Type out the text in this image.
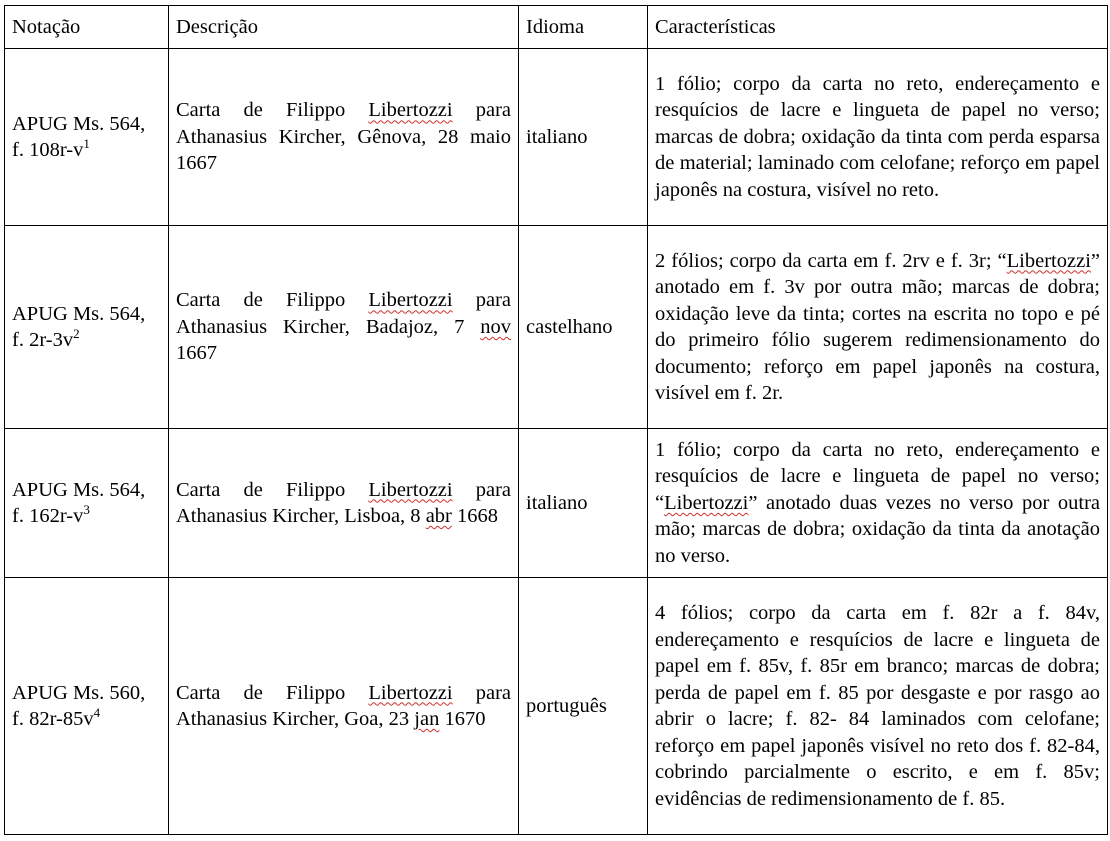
Notação	Descrição	Idioma	Características
APUG Ms. 564,
f. $108r-v^1$	Carta de Filippo Libertozzi para Athanasius Kircher, Gênova, 28 maio 1667	italiano	1 fólio; corpo da carta no reto, endereçamento e resquícios de lacre e lingueta de papel no verso; marcas de dobra; oxidação da tinta com perda esparsa de material; laminado com celofane; reforço em papel japonês na costura, visível no reto.
APUG Ms. 564,
f. $2r-3v^2$	Carta de Filippo Libertozzi para Athanasius Kircher, Badajoz, 7 nov 1667	castelhano	2 fólios; corpo da carta em f. 2rv e f. 3r; “Libertozzi” anotado em f. 3v por outra mão; marcas de dobra; oxidação leve da tinta; cortes na escrita no topo e pé do primeiro fólio sugerem redimensionamento do documento; reforço em papel japonês na costura, visível em f. 2r.
APUG Ms. 564,
f. $162r-v^3$	Carta de Filippo Libertozzi para Athanasius Kircher, Lisboa, 8 abr 1668	italiano	1 fólio; corpo da carta no reto, endereçamento e resquícios de lacre e lingueta de papel no verso; “Libertozzi” anotado duas vezes no verso por outra mão; marcas de dobra; oxidação da tinta da anotação no verso.
APUG Ms. 560,
f. $82r-85v^4$	Carta de Filippo Libertozzi para Athanasius Kircher, Goa, 23 jan 1670	português	4 fólios; corpo da carta em f. 82r a f. 84v, endereçamento e resquícios de lacre e lingueta de papel em f. 85v, f. 85r em branco; marcas de dobra; perda de papel em f. 85 por desgaste e por rasgo ao abrir o lacre; f. 82- 84 laminados com celofane; reforço em papel japonês visível no reto dos f. 82-84, cobrindo parcialmente o escrito, e em f. 85v; evidências de redimensionamento de f. 85.
